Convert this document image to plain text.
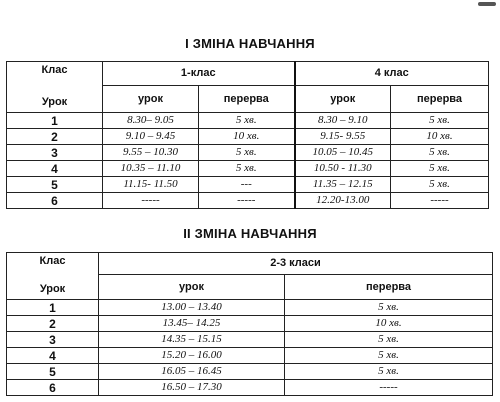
І ЗМІНА НАВЧАННЯ
Клас
Урок	1-клас		4 клас	
	урок	перерва	урок	перерва
1	8.30– 9.05	5 хв.	8.30 – 9.10	5 хв.
2	9.10 – 9.45	10 хв.	9.15- 9.55	10 хв.
3	9.55 – 10.30	5 хв.	10.05 – 10.45	5 хв.
4	10.35 – 11.10	5 хв.	10.50 - 11.30	5 хв.
5	11.15- 11.50	---	11.35 – 12.15	5 хв.
6	-----	-----	12.20-13.00	-----
ІІ ЗМІНА НАВЧАННЯ
Клас
Урок	2-3 класи	
	урок	перерва
1	13.00 – 13.40	5 хв.
2	13.45– 14.25	10 хв.
3	14.35 – 15.15	5 хв.
4	15.20 – 16.00	5 хв.
5	16.05 – 16.45	5 хв.
6	16.50 – 17.30	-----
